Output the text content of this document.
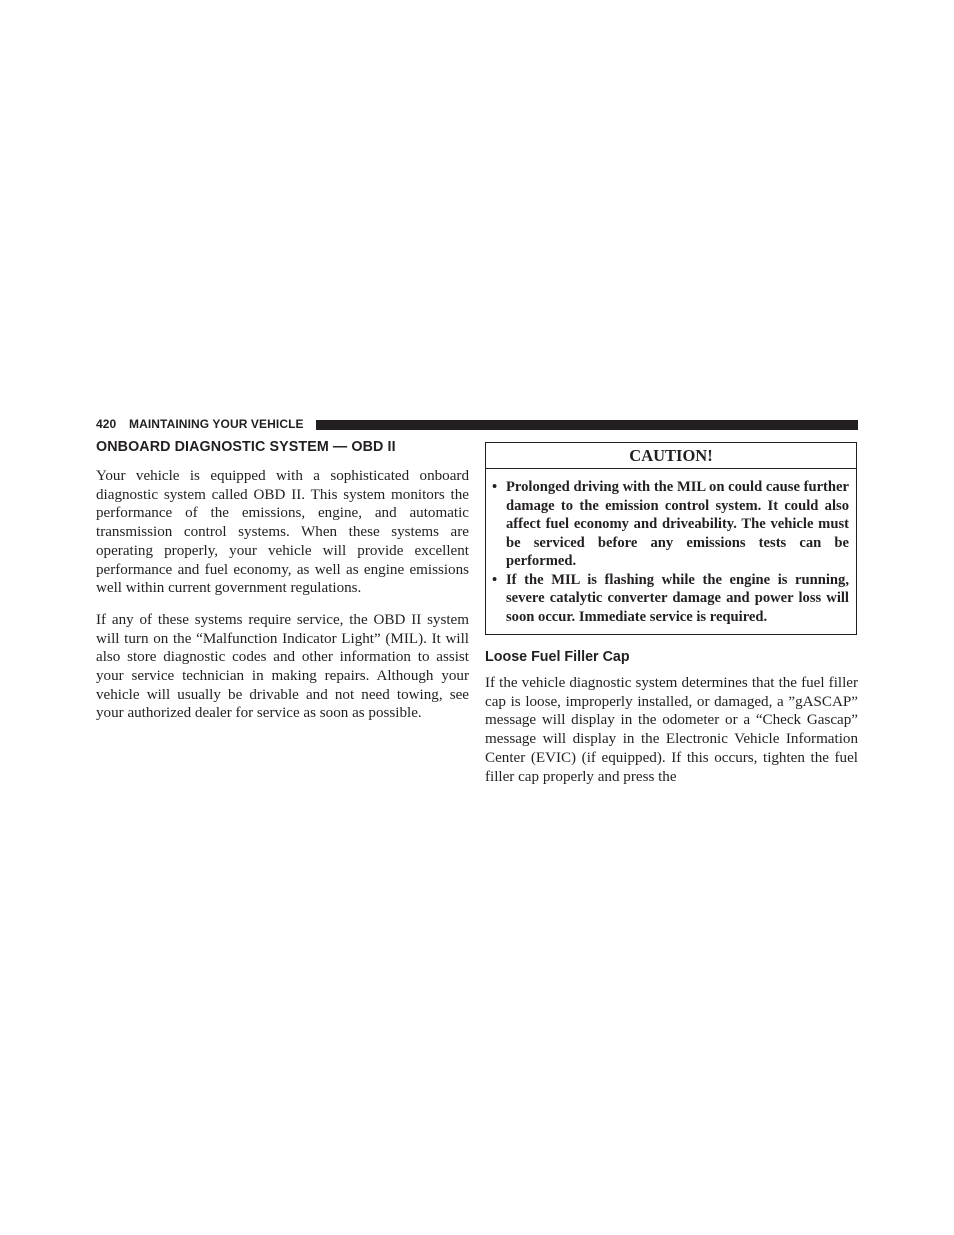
420 MAINTAINING YOUR VEHICLE
ONBOARD DIAGNOSTIC SYSTEM — OBD II

Your vehicle is equipped with a sophisticated onboard diagnostic system called OBD II. This system monitors the performance of the emissions, engine, and automatic transmission control systems. When these systems are operating properly, your vehicle will provide excellent performance and fuel economy, as well as engine emissions well within current government regulations.

If any of these systems require service, the OBD II system will turn on the “Malfunction Indicator Light” (MIL). It will also store diagnostic codes and other information to assist your service technician in making repairs. Although your vehicle will usually be drivable and not need towing, see your authorized dealer for service as soon as possible.

CAUTION!
• Prolonged driving with the MIL on could cause further damage to the emission control system. It could also affect fuel economy and driveability. The vehicle must be serviced before any emissions tests can be performed.
• If the MIL is flashing while the engine is running, severe catalytic converter damage and power loss will soon occur. Immediate service is required.
Loose Fuel Filler Cap

If the vehicle diagnostic system determines that the fuel filler cap is loose, improperly installed, or damaged, a ”gASCAP” message will display in the odometer or a “Check Gascap” message will display in the Electronic Vehicle Information Center (EVIC) (if equipped). If this occurs, tighten the fuel filler cap properly and press the
